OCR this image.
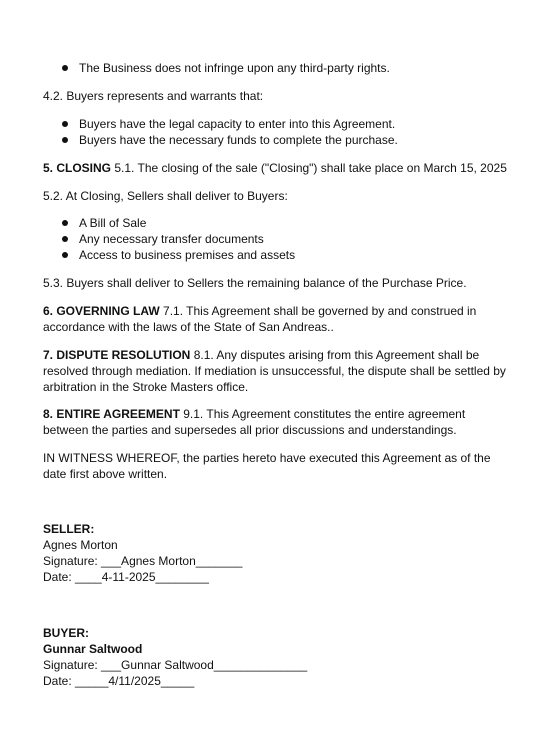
The Business does not infringe upon any third-party rights.
4.2. Buyers represents and warrants that:
Buyers have the legal capacity to enter into this Agreement.
Buyers have the necessary funds to complete the purchase.
5. CLOSING 5.1. The closing of the sale ("Closing") shall take place on March 15, 2025
5.2. At Closing, Sellers shall deliver to Buyers:
A Bill of Sale
Any necessary transfer documents
Access to business premises and assets
5.3. Buyers shall deliver to Sellers the remaining balance of the Purchase Price.
6. GOVERNING LAW 7.1. This Agreement shall be governed by and construed in accordance with the laws of the State of San Andreas..
7. DISPUTE RESOLUTION 8.1. Any disputes arising from this Agreement shall be resolved through mediation. If mediation is unsuccessful, the dispute shall be settled by arbitration in the Stroke Masters office.
8. ENTIRE AGREEMENT 9.1. This Agreement constitutes the entire agreement between the parties and supersedes all prior discussions and understandings.
IN WITNESS WHEREOF, the parties hereto have executed this Agreement as of the date first above written.
SELLER:
Agnes Morton
Signature: ___Agnes Morton_______
Date: ____4-11-2025________
BUYER:
Gunnar Saltwood
Signature: ___Gunnar Saltwood______________
Date: _____4/11/2025_____
